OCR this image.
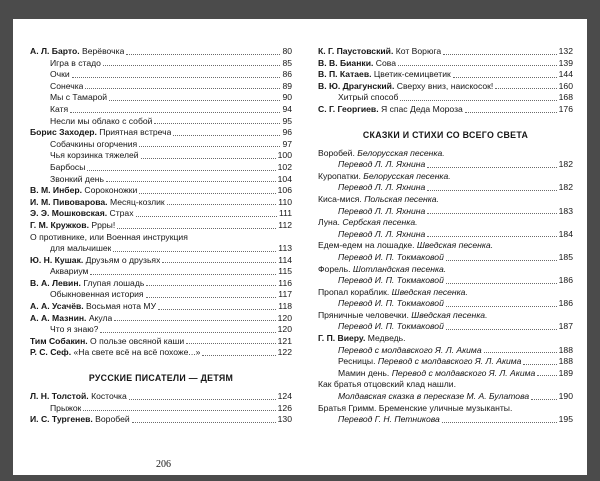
А. Л. Барто. Верёвочка	80
Игра в стадо	85
Очки	86
Сонечка	89
Мы с Тамарой	90
Катя	94
Несли мы облако с собой	95
Борис Заходер. Приятная встреча	96
Собачкины огорчения	97
Чья корзинка тяжелей	100
Барбосы	102
Звонкий день	104
В. М. Инбер. Сороконожки	106
И. М. Пивоварова. Месяц-козлик	110
Э. Э. Мошковская. Страх	111
Г. М. Кружков. Ррры!	112
О противнике, или Военная инструкция
для мальчишек	113
Ю. Н. Кушак. Друзьям о друзьях	114
Аквариум	115
В. А. Левин. Глупая лошадь	116
Обыкновенная история	117
А. А. Усачёв. Восьмая нота МУ	118
А. А. Мазнин. Акула	120
Что я знаю?	120
Тим Собакин. О пользе овсяной каши	121
Р. С. Сеф. «На свете всё на всё похоже...»	122
РУССКИЕ ПИСАТЕЛИ — ДЕТЯМ
Л. Н. Толстой. Косточка	124
Прыжок	126
И. С. Тургенев. Воробей	130
К. Г. Паустовский. Кот Ворюга	132
В. В. Бианки. Сова	139
В. П. Катаев. Цветик-семицветик	144
В. Ю. Драгунский. Сверху вниз, наискосок!	160
Хитрый способ	168
С. Г. Георгиев. Я спас Деда Мороза	176
СКАЗКИ И СТИХИ СО ВСЕГО СВЕТА
Воробей. Белорусская песенка.
Перевод Л. Л. Яхнина	182
Куропатки. Белорусская песенка.
Перевод Л. Л. Яхнина	182
Киса-мися. Польская песенка.
Перевод Л. Л. Яхнина	183
Луна. Сербская песенка.
Перевод Л. Л. Яхнина	184
Едем-едем на лошадке. Шведская песенка.
Перевод И. П. Токмаковой	185
Форель. Шотландская песенка.
Перевод И. П. Токмаковой	186
Пропал кораблик. Шведская песенка.
Перевод И. П. Токмаковой	186
Пряничные человечки. Шведская песенка.
Перевод И. П. Токмаковой	187
Г. П. Виеру. Медведь.
Перевод с молдавского Я. Л. Акима	188
Ресницы. Перевод с молдавского Я. Л. Акима	188
Мамин день. Перевод с молдавского Я. Л. Акима	189
Как братья отцовский клад нашли.
Молдавская сказка в пересказе М. А. Булатова	190
Братья Гримм. Бременские уличные музыканты.
Перевод Г. Н. Петникова	195
206
